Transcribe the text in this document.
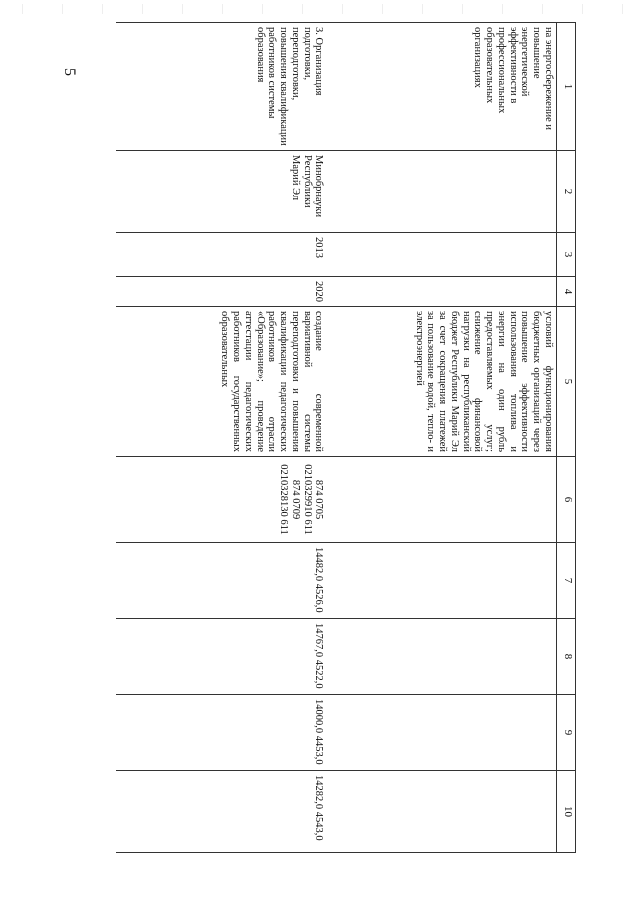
5
1	2	3	4	5	6	7	8	9	10
на энергосбережение и повышение энергетической эффективности в профессиональных образовательных организациях				условий функционирования бюджетных организаций через повышение эффективности использования топлива и энергии на один рубль предоставляемых услуг; снижение финансовой нагрузки на республиканский бюджет Республики Марий Эл за счет сокращения платежей за пользование водой, тепло- и электроэнергией					
3. Организация подготовки, переподготовки, повышения квалификации работников системы образования	Минобрнауки Республики Марий Эл	2013	2020	создание современной вариативной системы переподготовки и повышения квалификации педагогических работников отрасли «Образование»; проведение аттестации педагогических работников государственных образовательных	874 0705 0210329910 611 874 0709 0210328130 611	14482,0 4526,0	14767,0 4522,0	14000,0 4453,0	14282,0 4543,0
